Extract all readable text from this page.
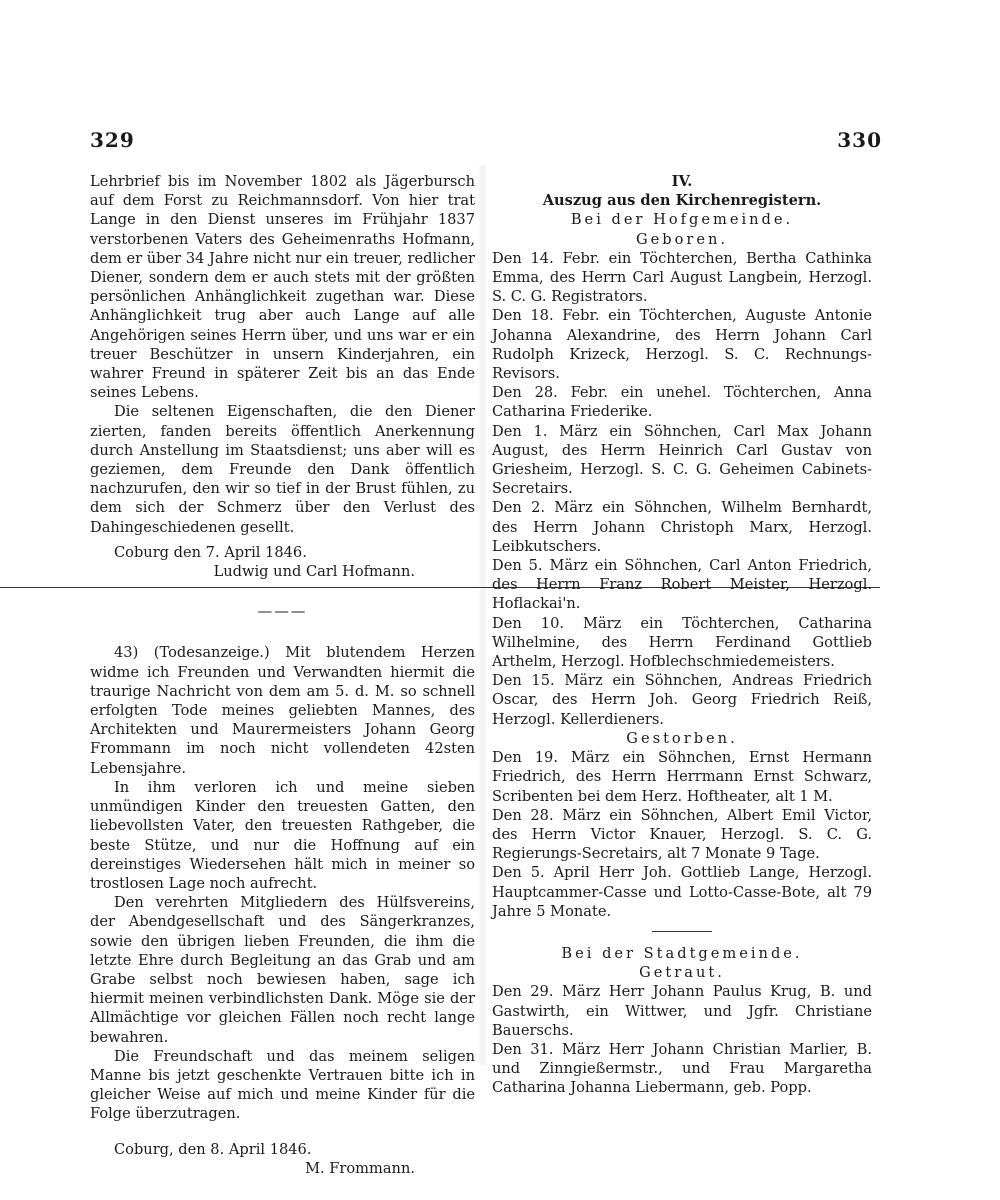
329	330

Lehrbrief bis im November 1802 als Jägerbursch auf dem Forst zu Reichmannsdorf. Von hier trat Lange in den Dienst unseres im Frühjahr 1837 verstorbenen Vaters des Geheimenraths Hofmann, dem er über 34 Jahre nicht nur ein treuer, redlicher Diener, sondern dem er auch stets mit der größten persönlichen Anhänglichkeit zugethan war. Diese Anhänglichkeit trug aber auch Lange auf alle Angehörigen seines Herrn über, und uns war er ein treuer Beschützer in unsern Kinderjahren, ein wahrer Freund in späterer Zeit bis an das Ende seines Lebens.

Die seltenen Eigenschaften, die den Diener zierten, fanden bereits öffentlich Anerkennung durch Anstellung im Staatsdienst; uns aber will es geziemen, dem Freunde den Dank öffentlich nachzurufen, den wir so tief in der Brust fühlen, zu dem sich der Schmerz über den Verlust des Dahingeschiedenen gesellt.

Coburg den 7. April 1846.

Ludwig und Carl Hofmann.

———

43) (Todesanzeige.) Mit blutendem Herzen widme ich Freunden und Verwandten hiermit die traurige Nachricht von dem am 5. d. M. so schnell erfolgten Tode meines geliebten Mannes, des Architekten und Maurermeisters Johann Georg Frommann im noch nicht vollendeten 42sten Lebensjahre.

In ihm verloren ich und meine sieben unmündigen Kinder den treuesten Gatten, den liebevollsten Vater, den treuesten Rathgeber, die beste Stütze, und nur die Hoffnung auf ein dereinstiges Wiedersehen hält mich in meiner so trostlosen Lage noch aufrecht.

Den verehrten Mitgliedern des Hülfsvereins, der Abendgesellschaft und des Sängerkranzes, sowie den übrigen lieben Freunden, die ihm die letzte Ehre durch Begleitung an das Grab und am Grabe selbst noch bewiesen haben, sage ich hiermit meinen verbindlichsten Dank. Möge sie der Allmächtige vor gleichen Fällen noch recht lange bewahren.

Die Freundschaft und das meinem seligen Manne bis jetzt geschenkte Vertrauen bitte ich in gleicher Weise auf mich und meine Kinder für die Folge überzutragen.

Coburg, den 8. April 1846.

M. Frommann.

IV.

Auszug aus den Kirchenregistern.

Bei der Hofgemeinde.

Geboren.

Den 14. Febr. ein Töchterchen, Bertha Cathinka Emma, des Herrn Carl August Langbein, Herzogl. S. C. G. Registrators.

Den 18. Febr. ein Töchterchen, Auguste Antonie Johanna Alexandrine, des Herrn Johann Carl Rudolph Krizeck, Herzogl. S. C. Rechnungs-Revisors.

Den 28. Febr. ein unehel. Töchterchen, Anna Catharina Friederike.

Den 1. März ein Söhnchen, Carl Max Johann August, des Herrn Heinrich Carl Gustav von Griesheim, Herzogl. S. C. G. Geheimen Cabinets-Secretairs.

Den 2. März ein Söhnchen, Wilhelm Bernhardt, des Herrn Johann Christoph Marx, Herzogl. Leibkutschers.

Den 5. März ein Söhnchen, Carl Anton Friedrich, des Herrn Franz Robert Meister, Herzogl. Hoflackai'n.

Den 10. März ein Töchterchen, Catharina Wilhelmine, des Herrn Ferdinand Gottlieb Arthelm, Herzogl. Hofblechschmiedemeisters.

Den 15. März ein Söhnchen, Andreas Friedrich Oscar, des Herrn Joh. Georg Friedrich Reiß, Herzogl. Kellerdieners.

Gestorben.

Den 19. März ein Söhnchen, Ernst Hermann Friedrich, des Herrn Herrmann Ernst Schwarz, Scribenten bei dem Herz. Hoftheater, alt 1 M.

Den 28. März ein Söhnchen, Albert Emil Victor, des Herrn Victor Knauer, Herzogl. S. C. G. Regierungs-Secretairs, alt 7 Monate 9 Tage.

Den 5. April Herr Joh. Gottlieb Lange, Herzogl. Hauptcammer-Casse und Lotto-Casse-Bote, alt 79 Jahre 5 Monate.

Bei der Stadtgemeinde.

Getraut.

Den 29. März Herr Johann Paulus Krug, B. und Gastwirth, ein Wittwer, und Jgfr. Christiane Bauerschs.

Den 31. März Herr Johann Christian Marlier, B. und Zinngießermstr., und Frau Margaretha Catharina Johanna Liebermann, geb. Popp.
